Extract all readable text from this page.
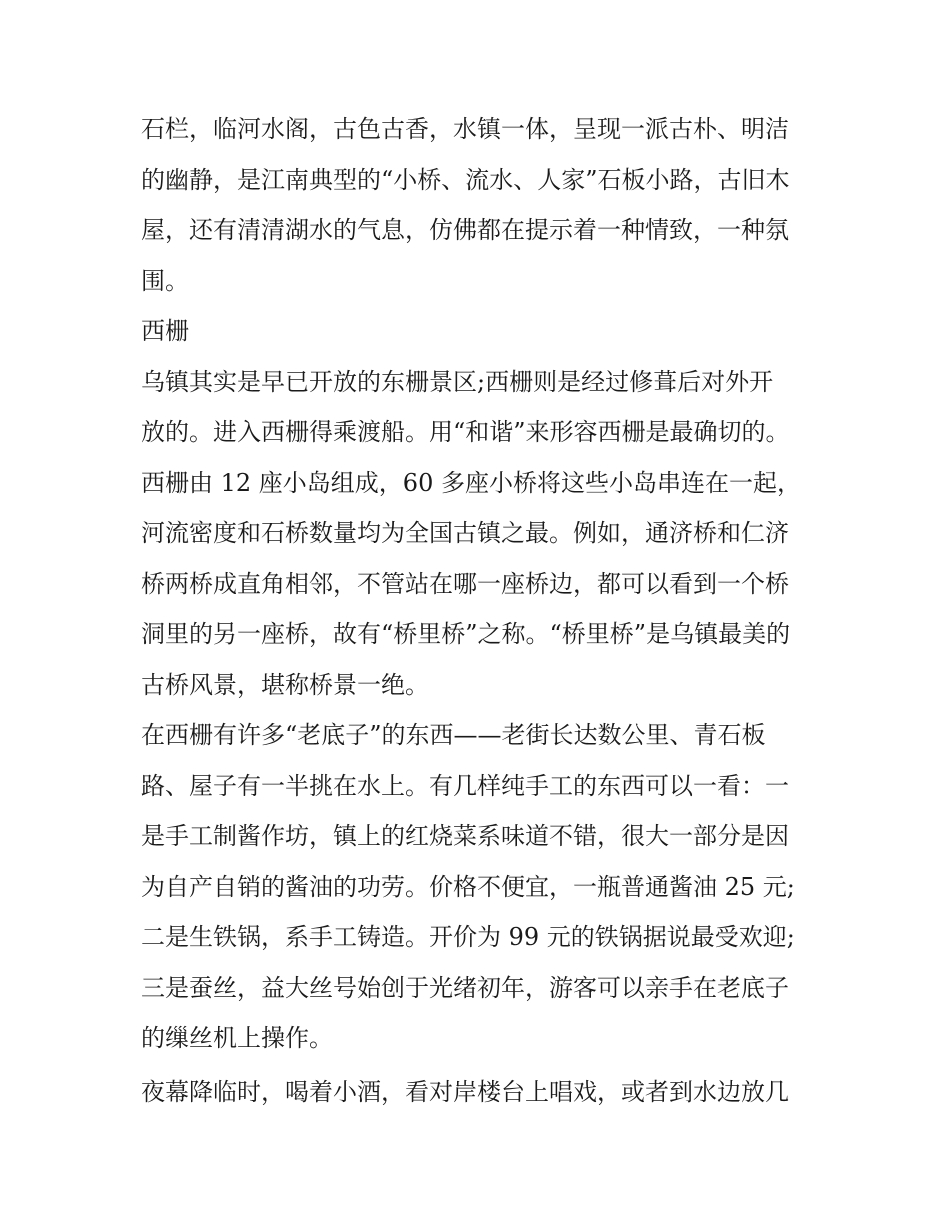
石栏，临河水阁，古色古香，水镇一体，呈现一派古朴、明洁
的幽静，是江南典型的“小桥、流水、人家”石板小路，古旧木
屋，还有清清湖水的气息，仿佛都在提示着一种情致，一种氛
围。
西栅
乌镇其实是早已开放的东栅景区;西栅则是经过修葺后对外开
放的。进入西栅得乘渡船。用“和谐”来形容西栅是最确切的。
西栅由 12 座小岛组成，60 多座小桥将这些小岛串连在一起，
河流密度和石桥数量均为全国古镇之最。例如，通济桥和仁济
桥两桥成直角相邻，不管站在哪一座桥边，都可以看到一个桥
洞里的另一座桥，故有“桥里桥”之称。“桥里桥”是乌镇最美的
古桥风景，堪称桥景一绝。
在西栅有许多“老底子”的东西——老街长达数公里、青石板
路、屋子有一半挑在水上。有几样纯手工的东西可以一看：一
是手工制酱作坊，镇上的红烧菜系味道不错，很大一部分是因
为自产自销的酱油的功劳。价格不便宜，一瓶普通酱油 25 元;
二是生铁锅，系手工铸造。开价为 99 元的铁锅据说最受欢迎;
三是蚕丝，益大丝号始创于光绪初年，游客可以亲手在老底子
的缫丝机上操作。
夜幕降临时，喝着小酒，看对岸楼台上唱戏，或者到水边放几
